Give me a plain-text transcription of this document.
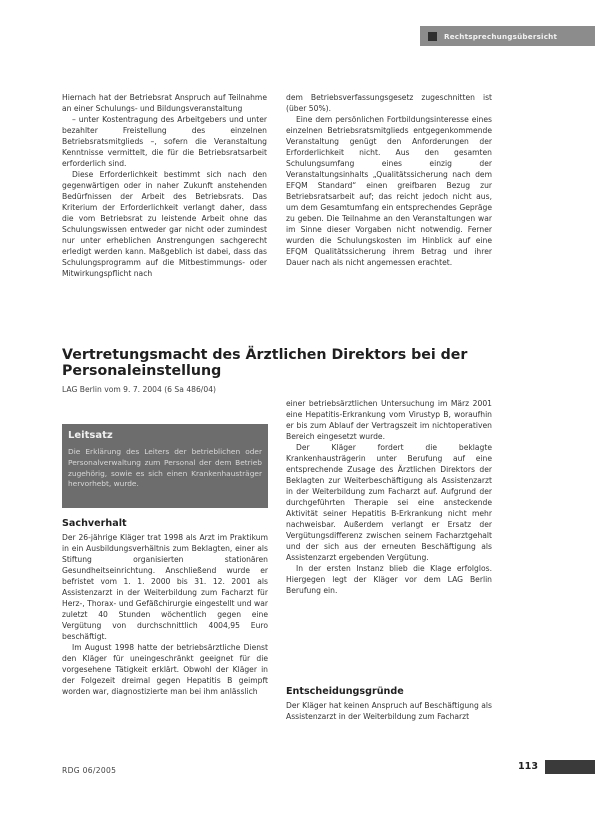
Rechtsprechungsübersicht

Hiernach hat der Betriebsrat Anspruch auf Teilnahme an einer Schulungs- und Bildungsveranstaltung

– unter Kostentragung des Arbeitgebers und unter bezahlter Freistellung des einzelnen Betriebsratsmitglieds –, sofern die Veranstaltung Kenntnisse vermittelt, die für die Betriebsratsarbeit erforderlich sind.

Diese Erforderlichkeit bestimmt sich nach den gegenwärtigen oder in naher Zukunft anstehenden Bedürfnissen der Arbeit des Betriebsrats. Das Kriterium der Erforderlichkeit verlangt daher, dass die vom Betriebsrat zu leistende Arbeit ohne das Schulungswissen entweder gar nicht oder zumindest nur unter erheblichen Anstrengungen sachgerecht erledigt werden kann. Maßgeblich ist dabei, dass das Schulungsprogramm auf die Mitbestimmungs- oder Mitwirkungspflicht nach

dem Betriebsverfassungsgesetz zugeschnitten ist (über 50%).

Eine dem persönlichen Fortbildungsinteresse eines einzelnen Betriebsratsmitglieds entgegenkommende Veranstaltung genügt den Anforderungen der Erforderlichkeit nicht. Aus den gesamten Schulungsumfang eines einzig der Veranstaltungsinhalts „Qualitätssicherung nach dem EFQM Standard“ einen greifbaren Bezug zur Betriebsratsarbeit auf; das reicht jedoch nicht aus, um dem Gesamtumfang ein entsprechendes Gepräge zu geben. Die Teilnahme an den Veranstaltungen war im Sinne dieser Vorgaben nicht notwendig. Ferner wurden die Schulungskosten im Hinblick auf eine EFQM Qualitätssicherung ihrem Betrag und ihrer Dauer nach als nicht angemessen erachtet.

Vertretungsmacht des Ärztlichen Direktors bei der Personaleinstellung
LAG Berlin vom 9. 7. 2004 (6 Sa 486/04)
Leitsatz
Die Erklärung des Leiters der betrieblichen oder Personalverwaltung zum Personal der dem Betrieb zugehörig, sowie es sich einen Krankenhausträger hervorhebt, wurde.
Sachverhalt

Der 26-jährige Kläger trat 1998 als Arzt im Praktikum in ein Ausbildungsverhältnis zum Beklagten, einer als Stiftung organisierten stationären Gesundheitseinrichtung. Anschließend wurde er befristet vom 1. 1. 2000 bis 31. 12. 2001 als Assistenzarzt in der Weiterbildung zum Facharzt für Herz-, Thorax- und Gefäßchirurgie eingestellt und war zuletzt 40 Stunden wöchentlich gegen eine Vergütung von durchschnittlich 4004,95 Euro beschäftigt.

Im August 1998 hatte der betriebsärztliche Dienst den Kläger für uneingeschränkt geeignet für die vorgesehene Tätigkeit erklärt. Obwohl der Kläger in der Folgezeit dreimal gegen Hepatitis B geimpft worden war, diagnostizierte man bei ihm anlässlich

einer betriebsärztlichen Untersuchung im März 2001 eine Hepatitis-Erkrankung vom Virustyp B, woraufhin er bis zum Ablauf der Vertragszeit im nichtoperativen Bereich eingesetzt wurde.

Der Kläger fordert die beklagte Krankenhausträgerin unter Berufung auf eine entsprechende Zusage des Ärztlichen Direktors der Beklagten zur Weiterbeschäftigung als Assistenzarzt in der Weiterbildung zum Facharzt auf. Aufgrund der durchgeführten Therapie sei eine ansteckende Aktivität seiner Hepatitis B-Erkrankung nicht mehr nachweisbar. Außerdem verlangt er Ersatz der Vergütungsdifferenz zwischen seinem Facharztgehalt und der sich aus der erneuten Beschäftigung als Assistenzarzt ergebenden Vergütung.

In der ersten Instanz blieb die Klage erfolglos. Hiergegen legt der Kläger vor dem LAG Berlin Berufung ein.

Entscheidungsgründe

Der Kläger hat keinen Anspruch auf Beschäftigung als Assistenzarzt in der Weiterbildung zum Facharzt

RDG 06/2005	113
